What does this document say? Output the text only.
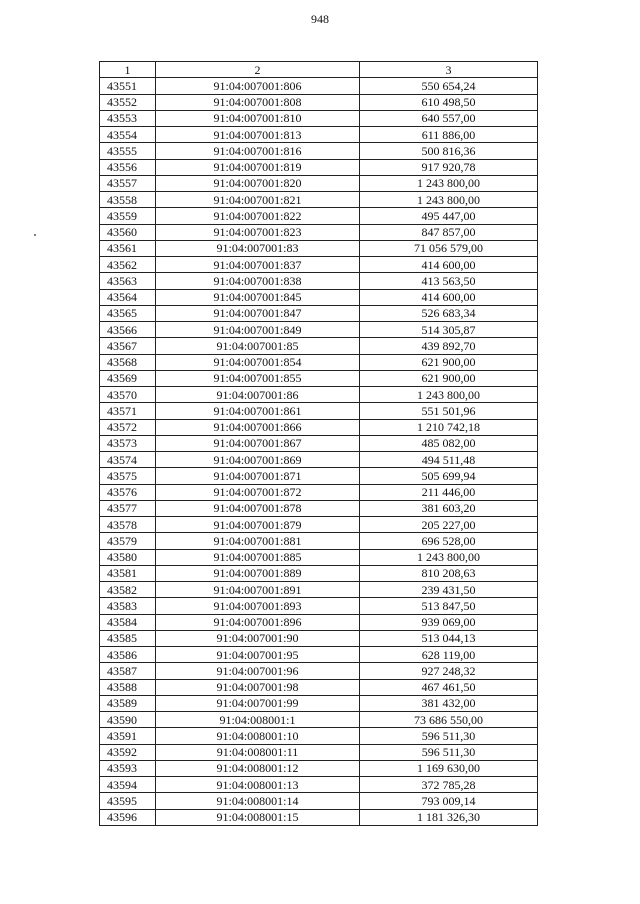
948
1	2	3
43551	91:04:007001:806	550 654,24
43552	91:04:007001:808	610 498,50
43553	91:04:007001:810	640 557,00
43554	91:04:007001:813	611 886,00
43555	91:04:007001:816	500 816,36
43556	91:04:007001:819	917 920,78
43557	91:04:007001:820	1 243 800,00
43558	91:04:007001:821	1 243 800,00
43559	91:04:007001:822	495 447,00
43560	91:04:007001:823	847 857,00
43561	91:04:007001:83	71 056 579,00
43562	91:04:007001:837	414 600,00
43563	91:04:007001:838	413 563,50
43564	91:04:007001:845	414 600,00
43565	91:04:007001:847	526 683,34
43566	91:04:007001:849	514 305,87
43567	91:04:007001:85	439 892,70
43568	91:04:007001:854	621 900,00
43569	91:04:007001:855	621 900,00
43570	91:04:007001:86	1 243 800,00
43571	91:04:007001:861	551 501,96
43572	91:04:007001:866	1 210 742,18
43573	91:04:007001:867	485 082,00
43574	91:04:007001:869	494 511,48
43575	91:04:007001:871	505 699,94
43576	91:04:007001:872	211 446,00
43577	91:04:007001:878	381 603,20
43578	91:04:007001:879	205 227,00
43579	91:04:007001:881	696 528,00
43580	91:04:007001:885	1 243 800,00
43581	91:04:007001:889	810 208,63
43582	91:04:007001:891	239 431,50
43583	91:04:007001:893	513 847,50
43584	91:04:007001:896	939 069,00
43585	91:04:007001:90	513 044,13
43586	91:04:007001:95	628 119,00
43587	91:04:007001:96	927 248,32
43588	91:04:007001:98	467 461,50
43589	91:04:007001:99	381 432,00
43590	91:04:008001:1	73 686 550,00
43591	91:04:008001:10	596 511,30
43592	91:04:008001:11	596 511,30
43593	91:04:008001:12	1 169 630,00
43594	91:04:008001:13	372 785,28
43595	91:04:008001:14	793 009,14
43596	91:04:008001:15	1 181 326,30
